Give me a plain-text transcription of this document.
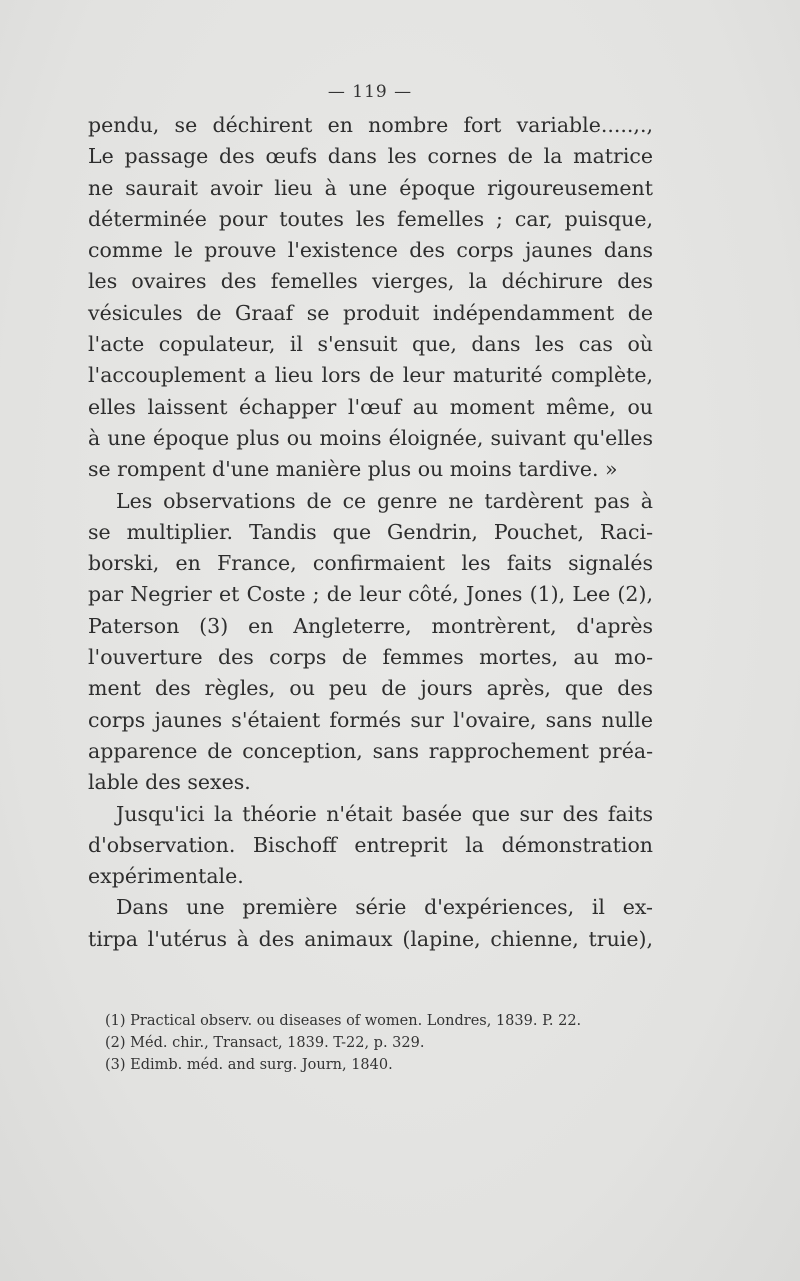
— 119 —

pendu, se déchirent en nombre fort variable.....,.,
Le passage des œufs dans les cornes de la matrice
ne saurait avoir lieu à une époque rigoureusement
déterminée pour toutes les femelles ; car, puisque,
comme le prouve l'existence des corps jaunes dans
les ovaires des femelles vierges, la déchirure des
vésicules de Graaf se produit indépendamment de
l'acte copulateur, il s'ensuit que, dans les cas où
l'accouplement a lieu lors de leur maturité complète,
elles laissent échapper l'œuf au moment même, ou
à une époque plus ou moins éloignée, suivant qu'elles
se rompent d'une manière plus ou moins tardive. »

Les observations de ce genre ne tardèrent pas à
se multiplier. Tandis que Gendrin, Pouchet, Raci-
borski, en France, confirmaient les faits signalés
par Negrier et Coste ; de leur côté, Jones (1), Lee (2),
Paterson (3) en Angleterre, montrèrent, d'après
l'ouverture des corps de femmes mortes, au mo-
ment des règles, ou peu de jours après, que des
corps jaunes s'étaient formés sur l'ovaire, sans nulle
apparence de conception, sans rapprochement préa-
lable des sexes.

Jusqu'ici la théorie n'était basée que sur des faits
d'observation. Bischoff entreprit la démonstration
expérimentale.

Dans une première série d'expériences, il ex-
tirpa l'utérus à des animaux (lapine, chienne, truie),

(1) Practical observ. ou diseases of women. Londres, 1839. P. 22.
(2) Méd. chir., Transact, 1839. T-22, p. 329.
(3) Edimb. méd. and surg. Journ, 1840.
